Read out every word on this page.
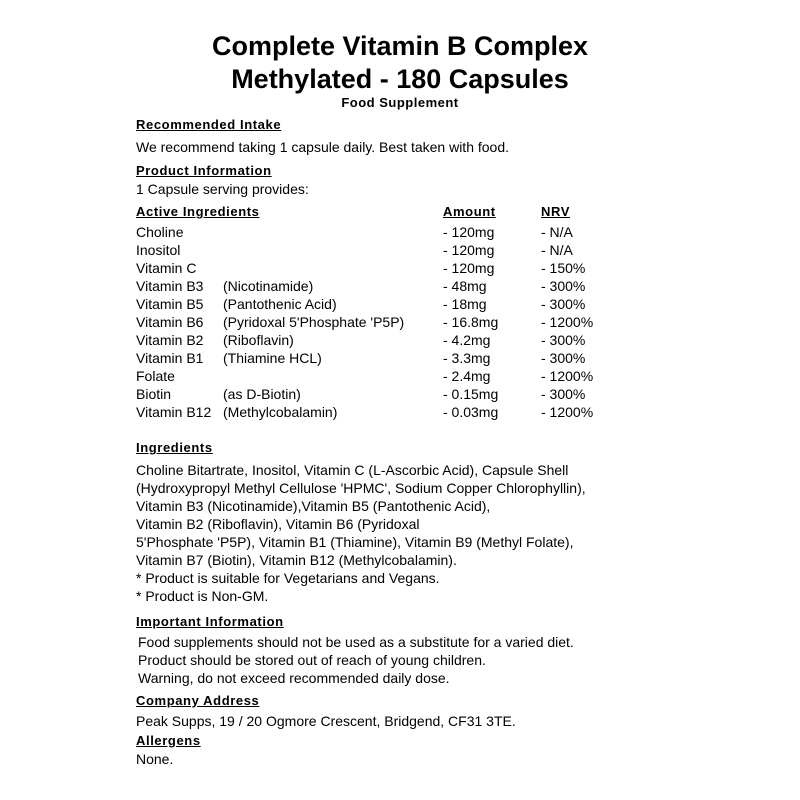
Complete Vitamin B Complex
Methylated - 180 Capsules
Food Supplement
Recommended Intake
We recommend taking 1 capsule daily. Best taken with food.
Product Information
1 Capsule serving provides:
Active Ingredients	Amount	NRV
Choline	- 120mg	- N/A
Inositol	- 120mg	- N/A
Vitamin C	- 120mg	- 150%
Vitamin B3 (Nicotinamide)	- 48mg	- 300%
Vitamin B5 (Pantothenic Acid)	- 18mg	- 300%
Vitamin B6 (Pyridoxal 5'Phosphate 'P5P)	- 16.8mg	- 1200%
Vitamin B2 (Riboflavin)	- 4.2mg	- 300%
Vitamin B1 (Thiamine HCL)	- 3.3mg	- 300%
Folate	- 2.4mg	- 1200%
Biotin	(as D-Biotin)	- 0.15mg	- 300%
Vitamin B12 (Methylcobalamin)	- 0.03mg	- 1200%
Ingredients
Choline Bitartrate, Inositol, Vitamin C (L-Ascorbic Acid), Capsule Shell
(Hydroxypropyl Methyl Cellulose 'HPMC', Sodium Copper Chlorophyllin),
Vitamin B3 (Nicotinamide),Vitamin B5 (Pantothenic Acid),
Vitamin B2 (Riboflavin), Vitamin B6 (Pyridoxal
5'Phosphate 'P5P), Vitamin B1 (Thiamine), Vitamin B9 (Methyl Folate),
Vitamin B7 (Biotin), Vitamin B12 (Methylcobalamin).
* Product is suitable for Vegetarians and Vegans.
* Product is Non-GM.
Important Information
Food supplements should not be used as a substitute for a varied diet.
Product should be stored out of reach of young children.
Warning, do not exceed recommended daily dose.
Company Address
Peak Supps, 19 / 20 Ogmore Crescent, Bridgend, CF31 3TE.
Allergens
None.
